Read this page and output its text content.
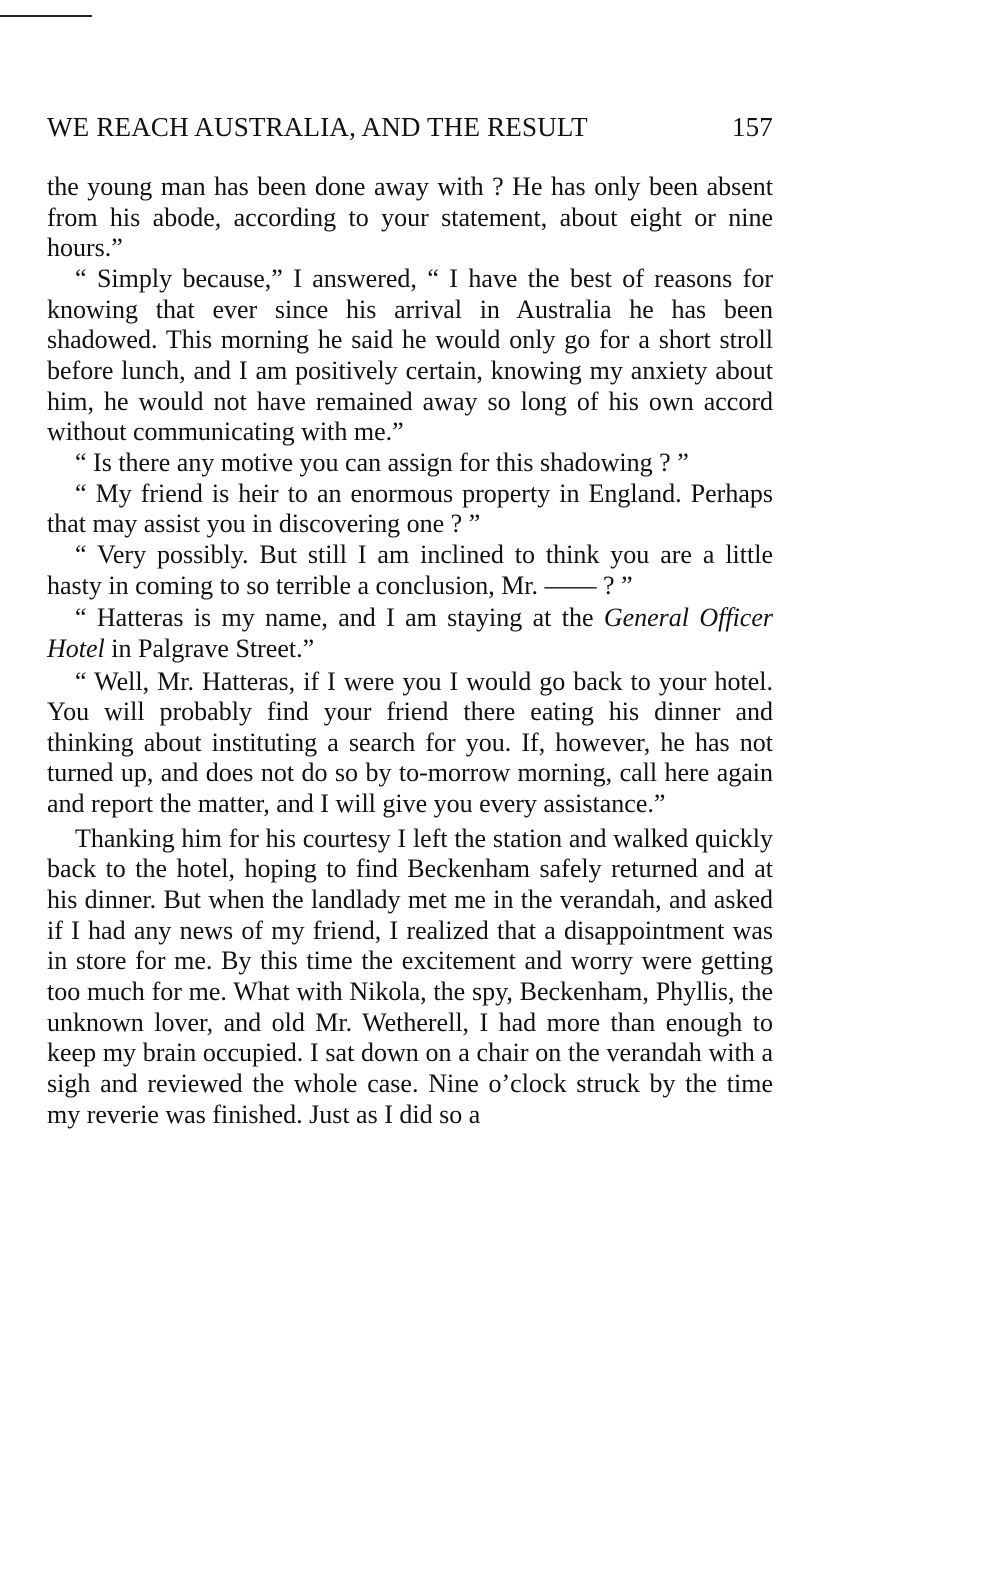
WE REACH AUSTRALIA, AND THE RESULT	157

the young man has been done away with ? He has only been absent from his abode, according to your statement, about eight or nine hours.”

“ Simply because,” I answered, “ I have the best of reasons for knowing that ever since his arrival in Australia he has been shadowed. This morning he said he would only go for a short stroll before lunch, and I am positively certain, knowing my anxiety about him, he would not have remained away so long of his own accord without communicating with me.”

“ Is there any motive you can assign for this shadowing ? ”

“ My friend is heir to an enormous property in England. Perhaps that may assist you in discovering one ? ”

“ Very possibly. But still I am inclined to think you are a little hasty in coming to so terrible a conclusion, Mr. —— ? ”

“ Hatteras is my name, and I am staying at the General Officer Hotel in Palgrave Street.”

“ Well, Mr. Hatteras, if I were you I would go back to your hotel. You will probably find your friend there eating his dinner and thinking about instituting a search for you. If, however, he has not turned up, and does not do so by to-morrow morning, call here again and report the matter, and I will give you every assistance.”

Thanking him for his courtesy I left the station and walked quickly back to the hotel, hoping to find Beckenham safely returned and at his dinner. But when the landlady met me in the verandah, and asked if I had any news of my friend, I realized that a disappointment was in store for me. By this time the excitement and worry were getting too much for me. What with Nikola, the spy, Beckenham, Phyllis, the unknown lover, and old Mr. Wetherell, I had more than enough to keep my brain occupied. I sat down on a chair on the verandah with a sigh and reviewed the whole case. Nine o’clock struck by the time my reverie was finished. Just as I did so a
